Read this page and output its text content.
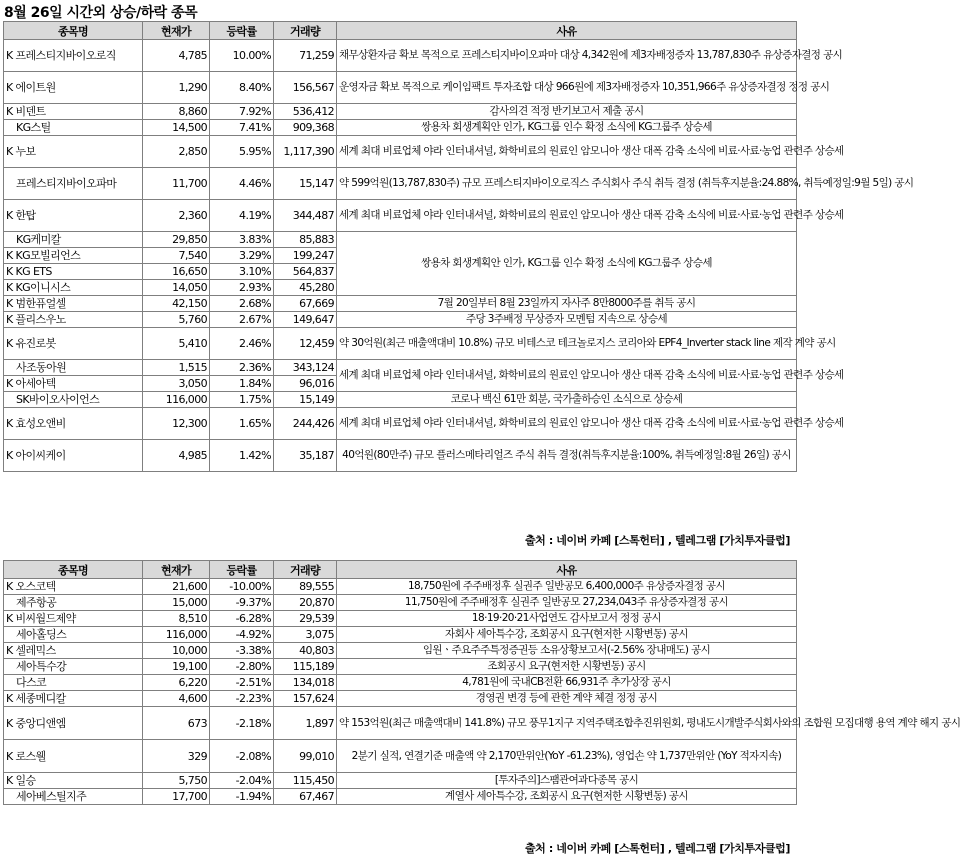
8월 26일 시간외 상승/하락 종목
종목명	현재가	등락률	거래량	사유
K 프레스티지바이오로직	4,785	10.00%	71,259	채무상환자금 확보 목적으로 프레스티지바이오파마 대상 4,342원에 제3자배정증자 13,787,830주 유상증자결정 공시
K 에이트원	1,290	8.40%	156,567	운영자금 확보 목적으로 케이임팩트 투자조합 대상 966원에 제3자배정증자 10,351,966주 유상증자결정 정정 공시
K 비덴트	8,860	7.92%	536,412	감사의견 적정 반기보고서 제출 공시
KG스틸	14,500	7.41%	909,368	쌍용차 회생계획안 인가, KG그룹 인수 확정 소식에 KG그룹주 상승세
K 누보	2,850	5.95%	1,117,390	세계 최대 비료업체 야라 인터내셔널, 화학비료의 원료인 암모니아 생산 대폭 감축 소식에 비료·사료·농업 관련주 상승세
프레스티지바이오파마	11,700	4.46%	15,147	약 599억원(13,787,830주) 규모 프레스티지바이오로직스 주식회사 주식 취득 결정 (취득후지분율:24.88%, 취득예정일:9월 5일) 공시
K 한탑	2,360	4.19%	344,487	세계 최대 비료업체 야라 인터내셔널, 화학비료의 원료인 암모니아 생산 대폭 감축 소식에 비료·사료·농업 관련주 상승세
KG케미칼	29,850	3.83%	85,883	쌍용차 회생계획안 인가, KG그룹 인수 확정 소식에 KG그룹주 상승세
K KG모빌리언스	7,540	3.29%	199,247	
K KG ETS	16,650	3.10%	564,837	
K KG이니시스	14,050	2.93%	45,280	
K 범한퓨얼셀	42,150	2.68%	67,669	7월 20일부터 8월 23일까지 자사주 8만8000주를 취득 공시
K 플리스우노	5,760	2.67%	149,647	주당 3주배정 무상증자 모멘텀 지속으로 상승세
K 유진로봇	5,410	2.46%	12,459	약 30억원(최근 매출액대비 10.8%) 규모 비테스코 테크놀로지스 코리아와 EPF4_Inverter stack line 제작 계약 공시
사조동아원	1,515	2.36%	343,124	세계 최대 비료업체 야라 인터내셔널, 화학비료의 원료인 암모니아 생산 대폭 감축 소식에 비료·사료·농업 관련주 상승세
K 아세아텍	3,050	1.84%	96,016	
SK바이오사이언스	116,000	1.75%	15,149	코로나 백신 61만 회분, 국가출하승인 소식으로 상승세
K 효성오앤비	12,300	1.65%	244,426	세계 최대 비료업체 야라 인터내셔널, 화학비료의 원료인 암모니아 생산 대폭 감축 소식에 비료·사료·농업 관련주 상승세
K 아이씨케이	4,985	1.42%	35,187	40억원(80만주) 규모 플러스메타리얼즈 주식 취득 결정(취득후지분율:100%, 취득예정일:8월 26일) 공시
출처 : 네이버 카페 [스톡헌터] , 텔레그램 [가치투자클럽]
종목명	현재가	등락률	거래량	사유
K 오스코텍	21,600	-10.00%	89,555	18,750원에 주주배정후 실권주 일반공모 6,400,000주 유상증자결정 공시
제주항공	15,000	-9.37%	20,870	11,750원에 주주배정후 실권주 일반공모 27,234,043주 유상증자결정 공시
K 비씨월드제약	8,510	-6.28%	29,539	18·19·20·21사업연도 감사보고서 정정 공시
세아홀딩스	116,000	-4.92%	3,075	자회사 세아특수강, 조회공시 요구(현저한 시황변동) 공시
K 셀레믹스	10,000	-3.38%	40,803	임원ㆍ주요주주특정증권등 소유상황보고서(-2.56% 장내매도) 공시
세아특수강	19,100	-2.80%	115,189	조회공시 요구(현저한 시황변동) 공시
다스코	6,220	-2.51%	134,018	4,781원에 국내CB전환 66,931주 추가상장 공시
K 세종메디칼	4,600	-2.23%	157,624	경영권 변경 등에 관한 계약 체결 정정 공시
K 중앙디앤엠	673	-2.18%	1,897	약 153억원(최근 매출액대비 141.8%) 규모 풍무1지구 지역주택조합추진위원회, 평내도시개발주식회사와의 조합원 모집대행 용역 계약 해지 공시
K 로스웰	329	-2.08%	99,010	2분기 실적, 연결기준 매출액 약 2,170만위안(YoY -61.23%), 영업손 약 1,737만위안 (YoY 적자지속)
K 일승	5,750	-2.04%	115,450	[투자주의]스팸관여과다종목 공시
세아베스틸지주	17,700	-1.94%	67,467	계열사 세아특수강, 조회공시 요구(현저한 시황변동) 공시
출처 : 네이버 카페 [스톡헌터] , 텔레그램 [가치투자클럽]
